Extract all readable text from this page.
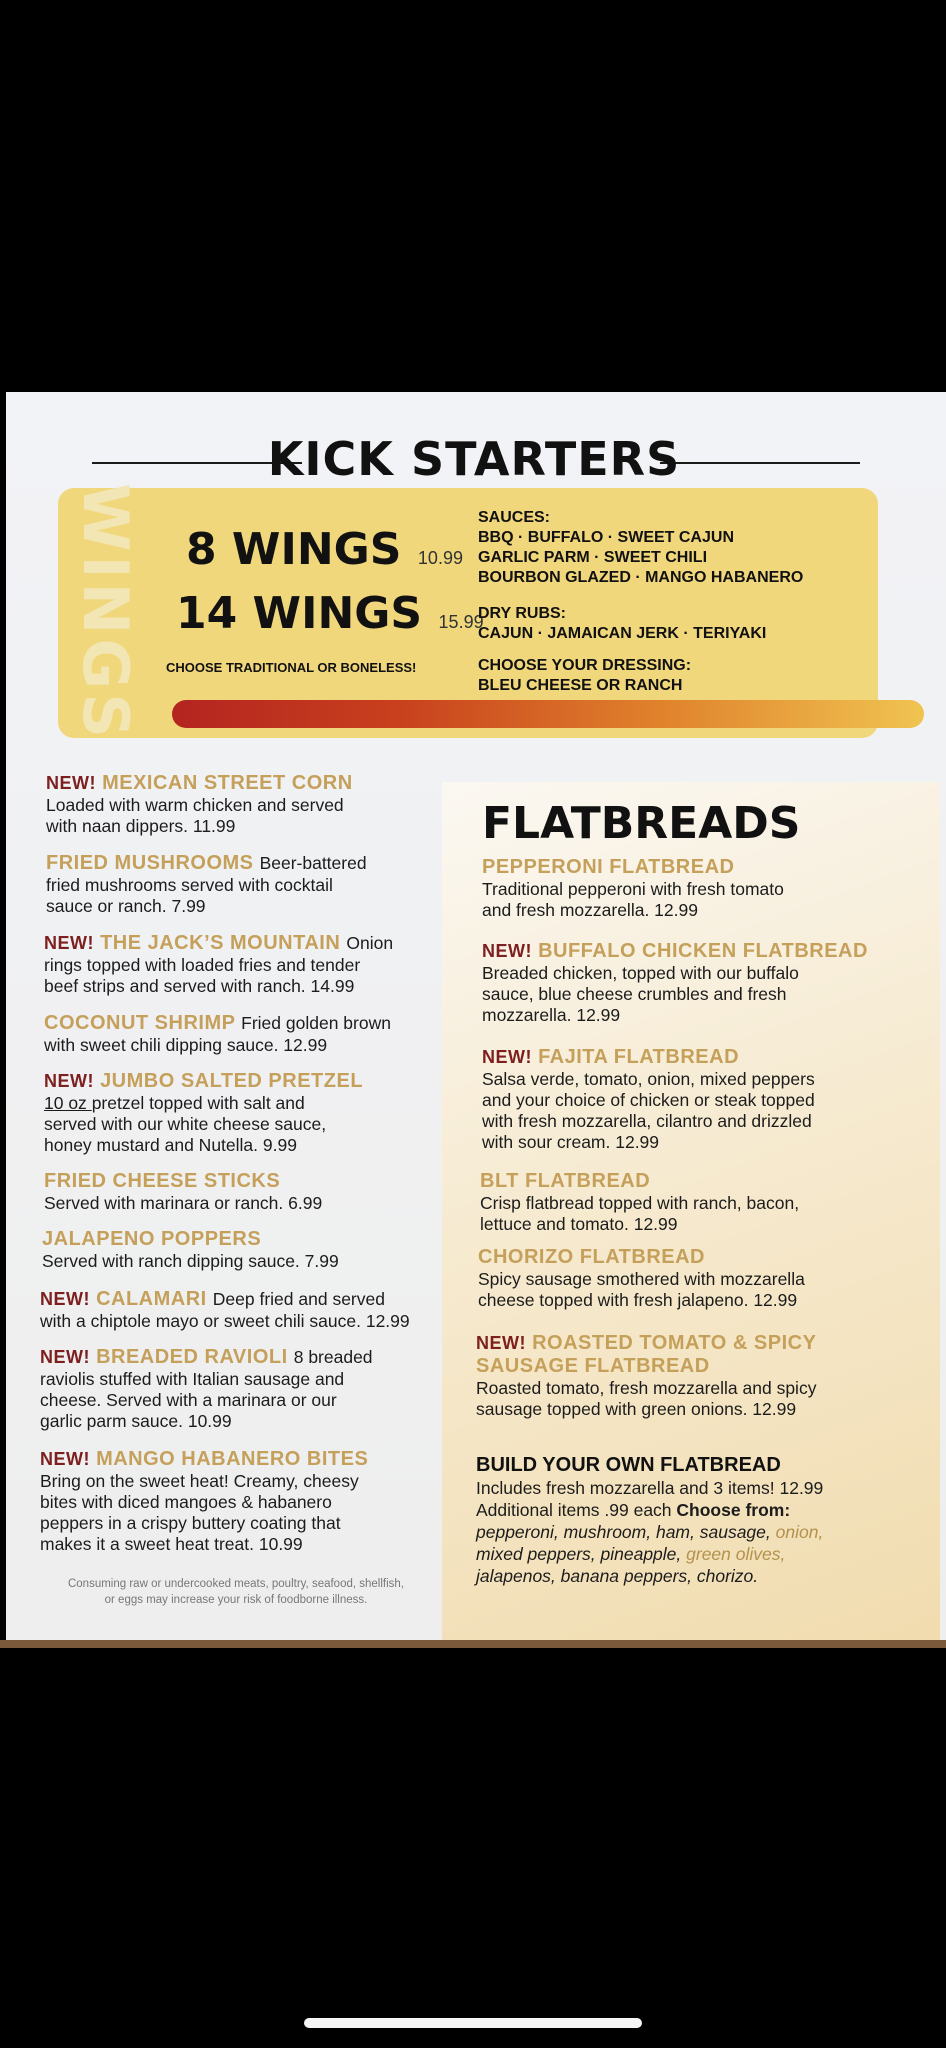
KICK STARTERS
WINGS 8 WINGS 10.99
14 WINGS 15.99
CHOOSE TRADITIONAL OR BONELESS!
SAUCES:
BBQ · BUFFALO · SWEET CAJUN
GARLIC PARM · SWEET CHILI
BOURBON GLAZED · MANGO HABANERO
DRY RUBS:
CAJUN · JAMAICAN JERK · TERIYAKI
CHOOSE YOUR DRESSING:
BLEU CHEESE OR RANCH
NEW! MEXICAN STREET CORN
Loaded with warm chicken and served
with naan dippers. 11.99
FRIED MUSHROOMS Beer-battered
fried mushrooms served with cocktail
sauce or ranch. 7.99
NEW! THE JACK’S MOUNTAIN Onion
rings topped with loaded fries and tender
beef strips and served with ranch. 14.99
COCONUT SHRIMP Fried golden brown
with sweet chili dipping sauce. 12.99
NEW! JUMBO SALTED PRETZEL
10 oz pretzel topped with salt and
served with our white cheese sauce,
honey mustard and Nutella. 9.99
FRIED CHEESE STICKS
Served with marinara or ranch. 6.99
JALAPENO POPPERS
Served with ranch dipping sauce. 7.99
NEW! CALAMARI Deep fried and served
with a chiptole mayo or sweet chili sauce. 12.99
NEW! BREADED RAVIOLI 8 breaded
raviolis stuffed with Italian sausage and
cheese. Served with a marinara or our
garlic parm sauce. 10.99
NEW! MANGO HABANERO BITES
Bring on the sweet heat! Creamy, cheesy
bites with diced mangoes & habanero
peppers in a crispy buttery coating that
makes it a sweet heat treat. 10.99
Consuming raw or undercooked meats, poultry, seafood, shellfish,
or eggs may increase your risk of foodborne illness.
FLATBREADS
PEPPERONI FLATBREAD
Traditional pepperoni with fresh tomato
and fresh mozzarella. 12.99
NEW! BUFFALO CHICKEN FLATBREAD
Breaded chicken, topped with our buffalo
sauce, blue cheese crumbles and fresh
mozzarella. 12.99
NEW! FAJITA FLATBREAD
Salsa verde, tomato, onion, mixed peppers
and your choice of chicken or steak topped
with fresh mozzarella, cilantro and drizzled
with sour cream. 12.99
BLT FLATBREAD
Crisp flatbread topped with ranch, bacon,
lettuce and tomato. 12.99
CHORIZO FLATBREAD
Spicy sausage smothered with mozzarella
cheese topped with fresh jalapeno. 12.99
NEW! ROASTED TOMATO & SPICY
SAUSAGE FLATBREAD
Roasted tomato, fresh mozzarella and spicy
sausage topped with green onions. 12.99
BUILD YOUR OWN FLATBREAD
Includes fresh mozzarella and 3 items! 12.99
Additional items .99 each Choose from:
pepperoni, mushroom, ham, sausage, onion,
mixed peppers, pineapple, green olives,
jalapenos, banana peppers, chorizo.
